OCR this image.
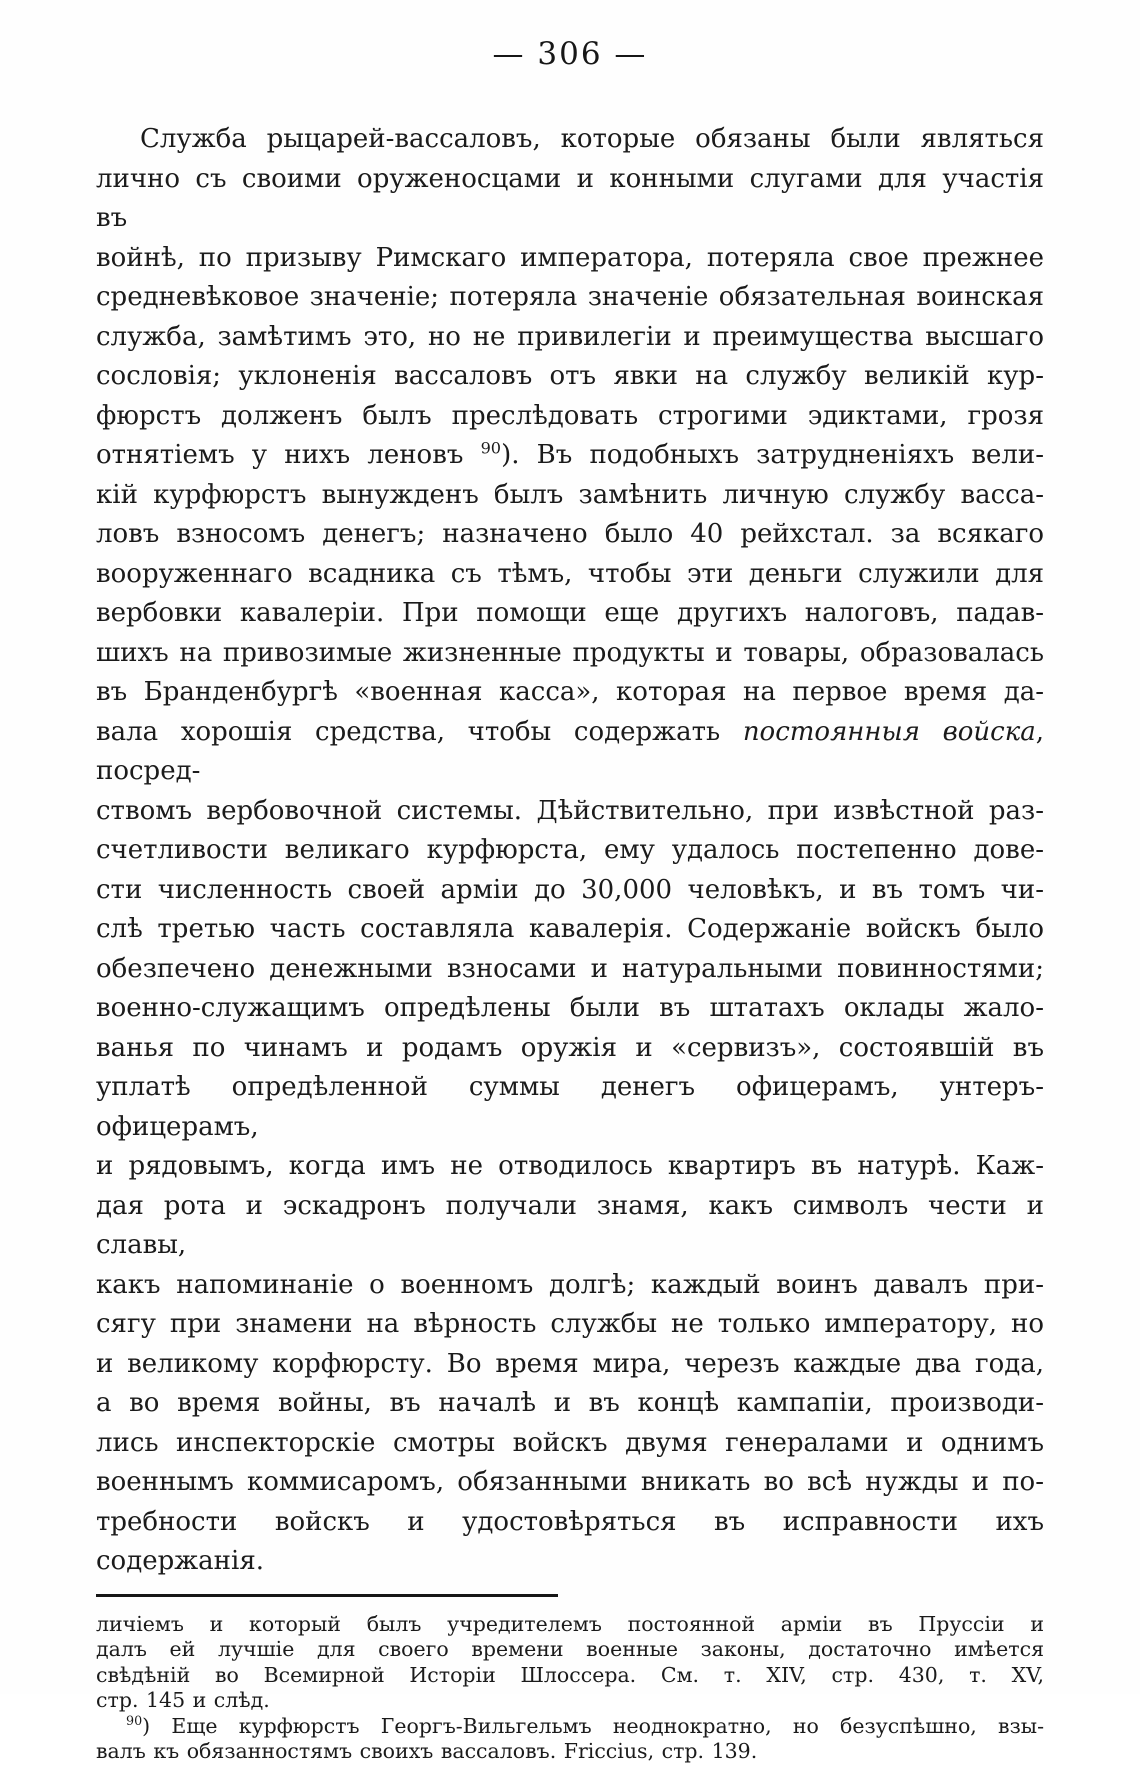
— 306 —
Служба рыцарей-вассаловъ, которые обязаны были являться
лично съ своими оруженосцами и конными слугами для участія въ
войнѣ, по призыву Римскаго императора, потеряла свое прежнее
средневѣковое значеніе; потеряла значеніе обязательная воинская
служба, замѣтимъ это, но не привилегіи и преимущества высшаго
сословія; уклоненія вассаловъ отъ явки на службу великій кур-
фюрстъ долженъ былъ преслѣдовать строгими эдиктами, грозя
отнятіемъ у нихъ леновъ $^{90}$). Въ подобныхъ затрудненіяхъ вели-
кій курфюрстъ вынужденъ былъ замѣнить личную службу васса-
ловъ взносомъ денегъ; назначено было 40 рейхстал. за всякаго
вооруженнаго всадника съ тѣмъ, чтобы эти деньги служили для
вербовки кавалеріи. При помощи еще другихъ налоговъ, падав-
шихъ на привозимые жизненные продукты и товары, образовалась
въ Бранденбургѣ «военная касса», которая на первое время да-
вала хорошія средства, чтобы содержать постоянныя войска, посред-
ствомъ вербовочной системы. Дѣйствительно, при извѣстной раз-
счетливости великаго курфюрста, ему удалось постепенно дове-
сти численность своей арміи до 30,000 человѣкъ, и въ томъ чи-
слѣ третью часть составляла кавалерія. Содержаніе войскъ было
обезпечено денежными взносами и натуральными повинностями;
военно-служащимъ опредѣлены были въ штатахъ оклады жало-
ванья по чинамъ и родамъ оружія и «сервизъ», состоявшій въ
уплатѣ опредѣленной суммы денегъ офицерамъ, унтеръ-офицерамъ,
и рядовымъ, когда имъ не отводилось квартиръ въ натурѣ. Каж-
дая рота и эскадронъ получали знамя, какъ символъ чести и славы,
какъ напоминаніе о военномъ долгѣ; каждый воинъ давалъ при-
сягу при знамени на вѣрность службы не только императору, но
и великому корфюрсту. Во время мира, черезъ каждые два года,
а во время войны, въ началѣ и въ концѣ кампапіи, производи-
лись инспекторскіе смотры войскъ двумя генералами и однимъ
военнымъ коммисаромъ, обязанными вникать во всѣ нужды и по-
требности войскъ и удостовѣряться въ исправности ихъ содержанія.
личіемъ и который былъ учредителемъ постоянной арміи въ Пруссіи и
далъ ей лучшіе для своего времени военные законы, достаточно имѣется
свѣдѣній во Всемирной Исторіи Шлоссера. См. т. XIV, стр. 430, т. XV,
стр. 145 и слѣд.
$^{90}$) Еще курфюрстъ Георгъ-Вильгельмъ неоднократно, но безуспѣшно, взы-
валъ къ обязанностямъ своихъ вассаловъ. Friccius, стр. 139.
